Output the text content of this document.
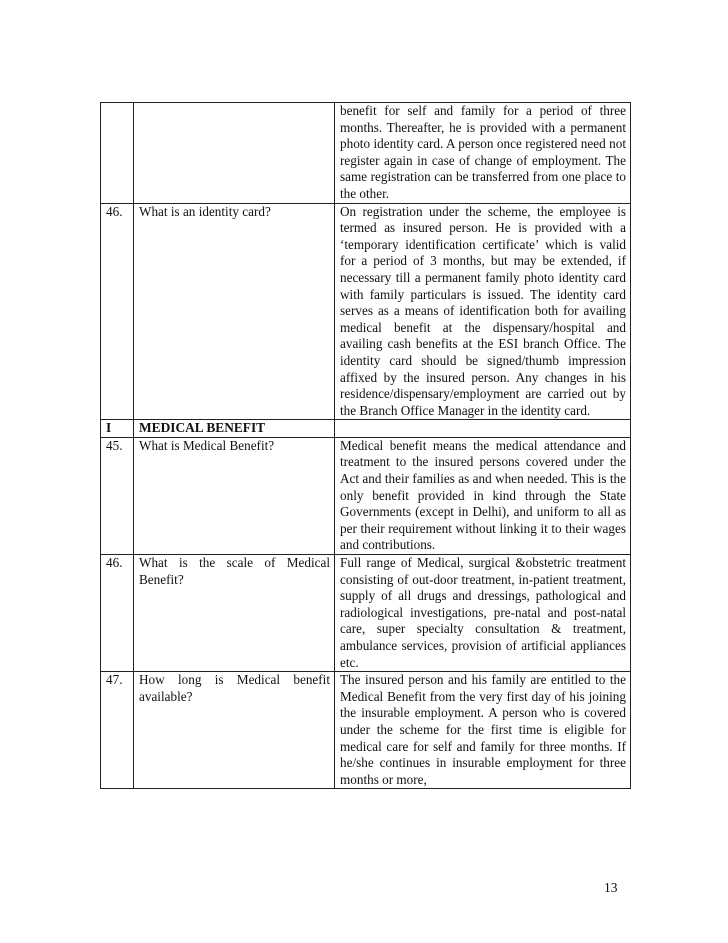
		benefit for self and family for a period of three months. Thereafter, he is provided with a permanent photo identity card. A person once registered need not register again in case of change of employment. The same registration can be transferred from one place to the other.
46.	What is an identity card?	On registration under the scheme, the employee is termed as insured person. He is provided with a ‘temporary identification certificate’ which is valid for a period of 3 months, but may be extended, if necessary till a permanent family photo identity card with family particulars is issued. The identity card serves as a means of identification both for availing medical benefit at the dispensary/hospital and availing cash benefits at the ESI branch Office. The identity card should be signed/thumb impression affixed by the insured person. Any changes in his residence/dispensary/employment are carried out by the Branch Office Manager in the identity card.
I	MEDICAL BENEFIT	
45.	What is Medical Benefit?	Medical benefit means the medical attendance and treatment to the insured persons covered under the Act and their families as and when needed. This is the only benefit provided in kind through the State Governments (except in Delhi), and uniform to all as per their requirement without linking it to their wages and contributions.
46.	What is the scale of Medical Benefit?	Full range of Medical, surgical &obstetric treatment consisting of out-door treatment, in-patient treatment, supply of all drugs and dressings, pathological and radiological investigations, pre-natal and post-natal care, super specialty consultation & treatment, ambulance services, provision of artificial appliances etc.
47.	How long is Medical benefit available?	The insured person and his family are entitled to the Medical Benefit from the very first day of his joining the insurable employment. A person who is covered under the scheme for the first time is eligible for medical care for self and family for three months. If he/she continues in insurable employment for three months or more,
13
